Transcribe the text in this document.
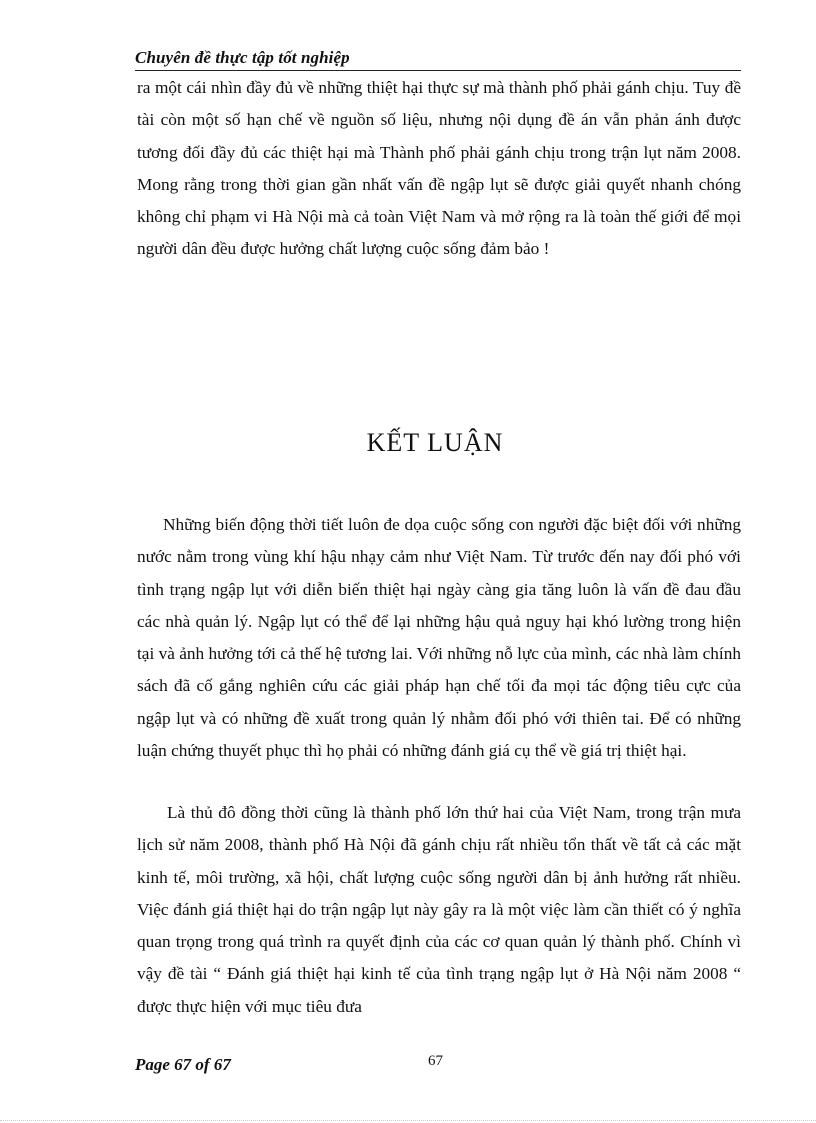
Chuyên đề thực tập tốt nghiệp

ra một cái nhìn đầy đủ về những thiệt hại thực sự mà thành phố phải gánh chịu. Tuy đề tài còn một số hạn chế về nguồn số liệu, nhưng nội dụng đề án vẫn phản ánh được tương đối đầy đủ các thiệt hại mà Thành phố phải gánh chịu trong trận lụt năm 2008. Mong rằng trong thời gian gần nhất vấn đề ngập lụt sẽ được giải quyết nhanh chóng không chỉ phạm vi Hà Nội mà cả toàn Việt Nam và mở rộng ra là toàn thế giới để mọi người dân đều được hưởng chất lượng cuộc sống đảm bảo !

KẾT LUẬN

Những biến động thời tiết luôn đe dọa cuộc sống con người đặc biệt đối với những nước nằm trong vùng khí hậu nhạy cảm như Việt Nam. Từ trước đến nay đối phó với tình trạng ngập lụt với diễn biến thiệt hại ngày càng gia tăng luôn là vấn đề đau đầu các nhà quản lý. Ngập lụt có thể để lại những hậu quả nguy hại khó lường trong hiện tại và ảnh hưởng tới cả thế hệ tương lai. Với những nỗ lực của mình, các nhà làm chính sách đã cố gắng nghiên cứu các giải pháp hạn chế tối đa mọi tác động tiêu cực của ngập lụt và có những đề xuất trong quản lý nhằm đối phó với thiên tai. Để có những luận chứng thuyết phục thì họ phải có những đánh giá cụ thể về giá trị thiệt hại.

Là thủ đô đồng thời cũng là thành phố lớn thứ hai của Việt Nam, trong trận mưa lịch sử năm 2008, thành phố Hà Nội đã gánh chịu rất nhiều tổn thất về tất cả các mặt kinh tế, môi trường, xã hội, chất lượng cuộc sống người dân bị ảnh hưởng rất nhiều. Việc đánh giá thiệt hại do trận ngập lụt này gây ra là một việc làm cần thiết có ý nghĩa quan trọng trong quá trình ra quyết định của các cơ quan quản lý thành phố. Chính vì vậy đề tài “ Đánh giá thiệt hại kinh tế của tình trạng ngập lụt ở Hà Nội năm 2008 “ được thực hiện với mục tiêu đưa

Page 67 of 67	67
